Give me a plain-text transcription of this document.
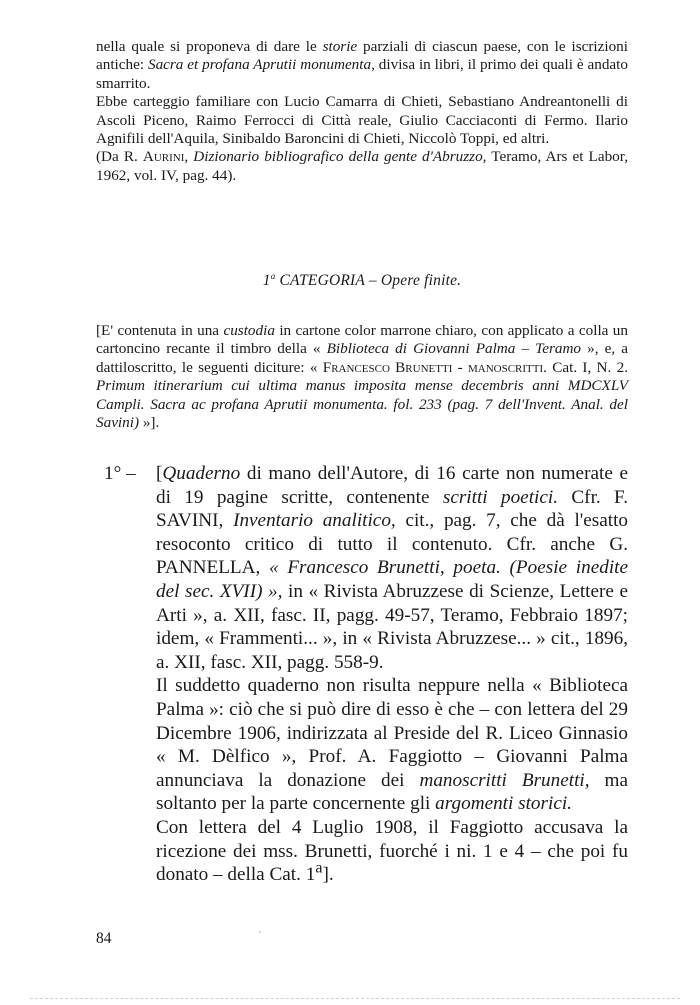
nella quale si proponeva di dare le storie parziali di ciascun paese, con le iscrizioni antiche: Sacra et profana Aprutii monumenta, divisa in libri, il primo dei quali è andato smarrito.

Ebbe carteggio familiare con Lucio Camarra di Chieti, Sebastiano Andreantonelli di Ascoli Piceno, Raimo Ferrocci di Città reale, Giulio Cacciaconti di Fermo. Ilario Agnifili dell'Aquila, Sinibaldo Baroncini di Chieti, Niccolò Toppi, ed altri.

(Da R. Aurini, Dizionario bibliografico della gente d'Abruzzo, Teramo, Ars et Labor, 1962, vol. IV, pag. 44).

1$^a$ CATEGORIA – Opere finite.

[E' contenuta in una custodia in cartone color marrone chiaro, con applicato a colla un cartoncino recante il timbro della « Biblioteca di Giovanni Palma – Teramo », e, a dattiloscritto, le seguenti diciture: « Francesco Brunetti - manoscritti. Cat. I, N. 2. Primum itinerarium cui ultima manus imposita mense decembris anni MDCXLV Campli. Sacra ac profana Aprutii monumenta. fol. 233 (pag. 7 dell'Invent. Anal. del Savini) »].

1° –	[Quaderno di mano dell'Autore, di 16 carte non numerate e di 19 pagine scritte, contenente scritti poetici. Cfr. F. SAVINI, Inventario analitico, cit., pag. 7, che dà l'esatto resoconto critico di tutto il contenuto. Cfr. anche G. PANNELLA, « Francesco Brunetti, poeta. (Poesie inedite del sec. XVII) », in « Rivista Abruzzese di Scienze, Lettere e Arti », a. XII, fasc. II, pagg. 49-57, Teramo, Febbraio 1897; idem, « Frammenti... », in « Rivista Abruzzese... » cit., 1896, a. XII, fasc. XII, pagg. 558-9.

Il suddetto quaderno non risulta neppure nella « Biblioteca Palma »: ciò che si può dire di esso è che – con lettera del 29 Dicembre 1906, indirizzata al Preside del R. Liceo Ginnasio « M. Dèlfico », Prof. A. Faggiotto – Giovanni Palma annunciava la donazione dei manoscritti Brunetti, ma soltanto per la parte concernente gli argomenti storici.

Con lettera del 4 Luglio 1908, il Faggiotto accusava la ricezione dei mss. Brunetti, fuorché i ni. 1 e 4 – che poi fu donato – della Cat. 1$^a$].

84	ˋ
